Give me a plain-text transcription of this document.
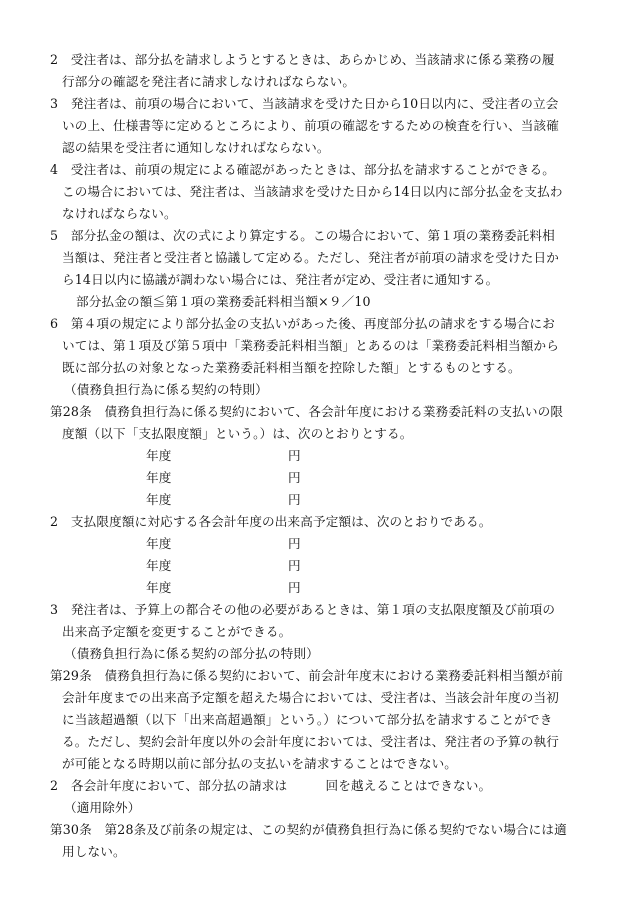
2　受注者は、部分払を請求しようとするときは、あらかじめ、当該請求に係る業務の履
行部分の確認を発注者に請求しなければならない。
3　発注者は、前項の場合において、当該請求を受けた日から10日以内に、受注者の立会
いの上、仕様書等に定めるところにより、前項の確認をするための検査を行い、当該確
認の結果を受注者に通知しなければならない。
4　受注者は、前項の規定による確認があったときは、部分払を請求することができる。
この場合においては、発注者は、当該請求を受けた日から14日以内に部分払金を支払わ
なければならない。
5　部分払金の額は、次の式により算定する。この場合において、第１項の業務委託料相
当額は、発注者と受注者と協議して定める。ただし、発注者が前項の請求を受けた日か
ら14日以内に協議が調わない場合には、発注者が定め、受注者に通知する。
部分払金の額≦第１項の業務委託料相当額×９／10
6　第４項の規定により部分払金の支払いがあった後、再度部分払の請求をする場合にお
いては、第１項及び第５項中「業務委託料相当額」とあるのは「業務委託料相当額から
既に部分払の対象となった業務委託料相当額を控除した額」とするものとする。
（債務負担行為に係る契約の特則）
第28条　債務負担行為に係る契約において、各会計年度における業務委託料の支払いの限
度額（以下「支払限度額」という。）は、次のとおりとする。
年度	円
年度	円
年度	円
2　支払限度額に対応する各会計年度の出来高予定額は、次のとおりである。
年度	円
年度	円
年度	円
3　発注者は、予算上の都合その他の必要があるときは、第１項の支払限度額及び前項の
出来高予定額を変更することができる。
（債務負担行為に係る契約の部分払の特則）
第29条　債務負担行為に係る契約において、前会計年度末における業務委託料相当額が前
会計年度までの出来高予定額を超えた場合においては、受注者は、当該会計年度の当初
に当該超過額（以下「出来高超過額」という。）について部分払を請求することができ
る。ただし、契約会計年度以外の会計年度においては、受注者は、発注者の予算の執行
が可能となる時期以前に部分払の支払いを請求することはできない。
2　各会計年度において、部分払の請求は　　　回を越えることはできない。
（適用除外）
第30条　第28条及び前条の規定は、この契約が債務負担行為に係る契約でない場合には適
用しない。
